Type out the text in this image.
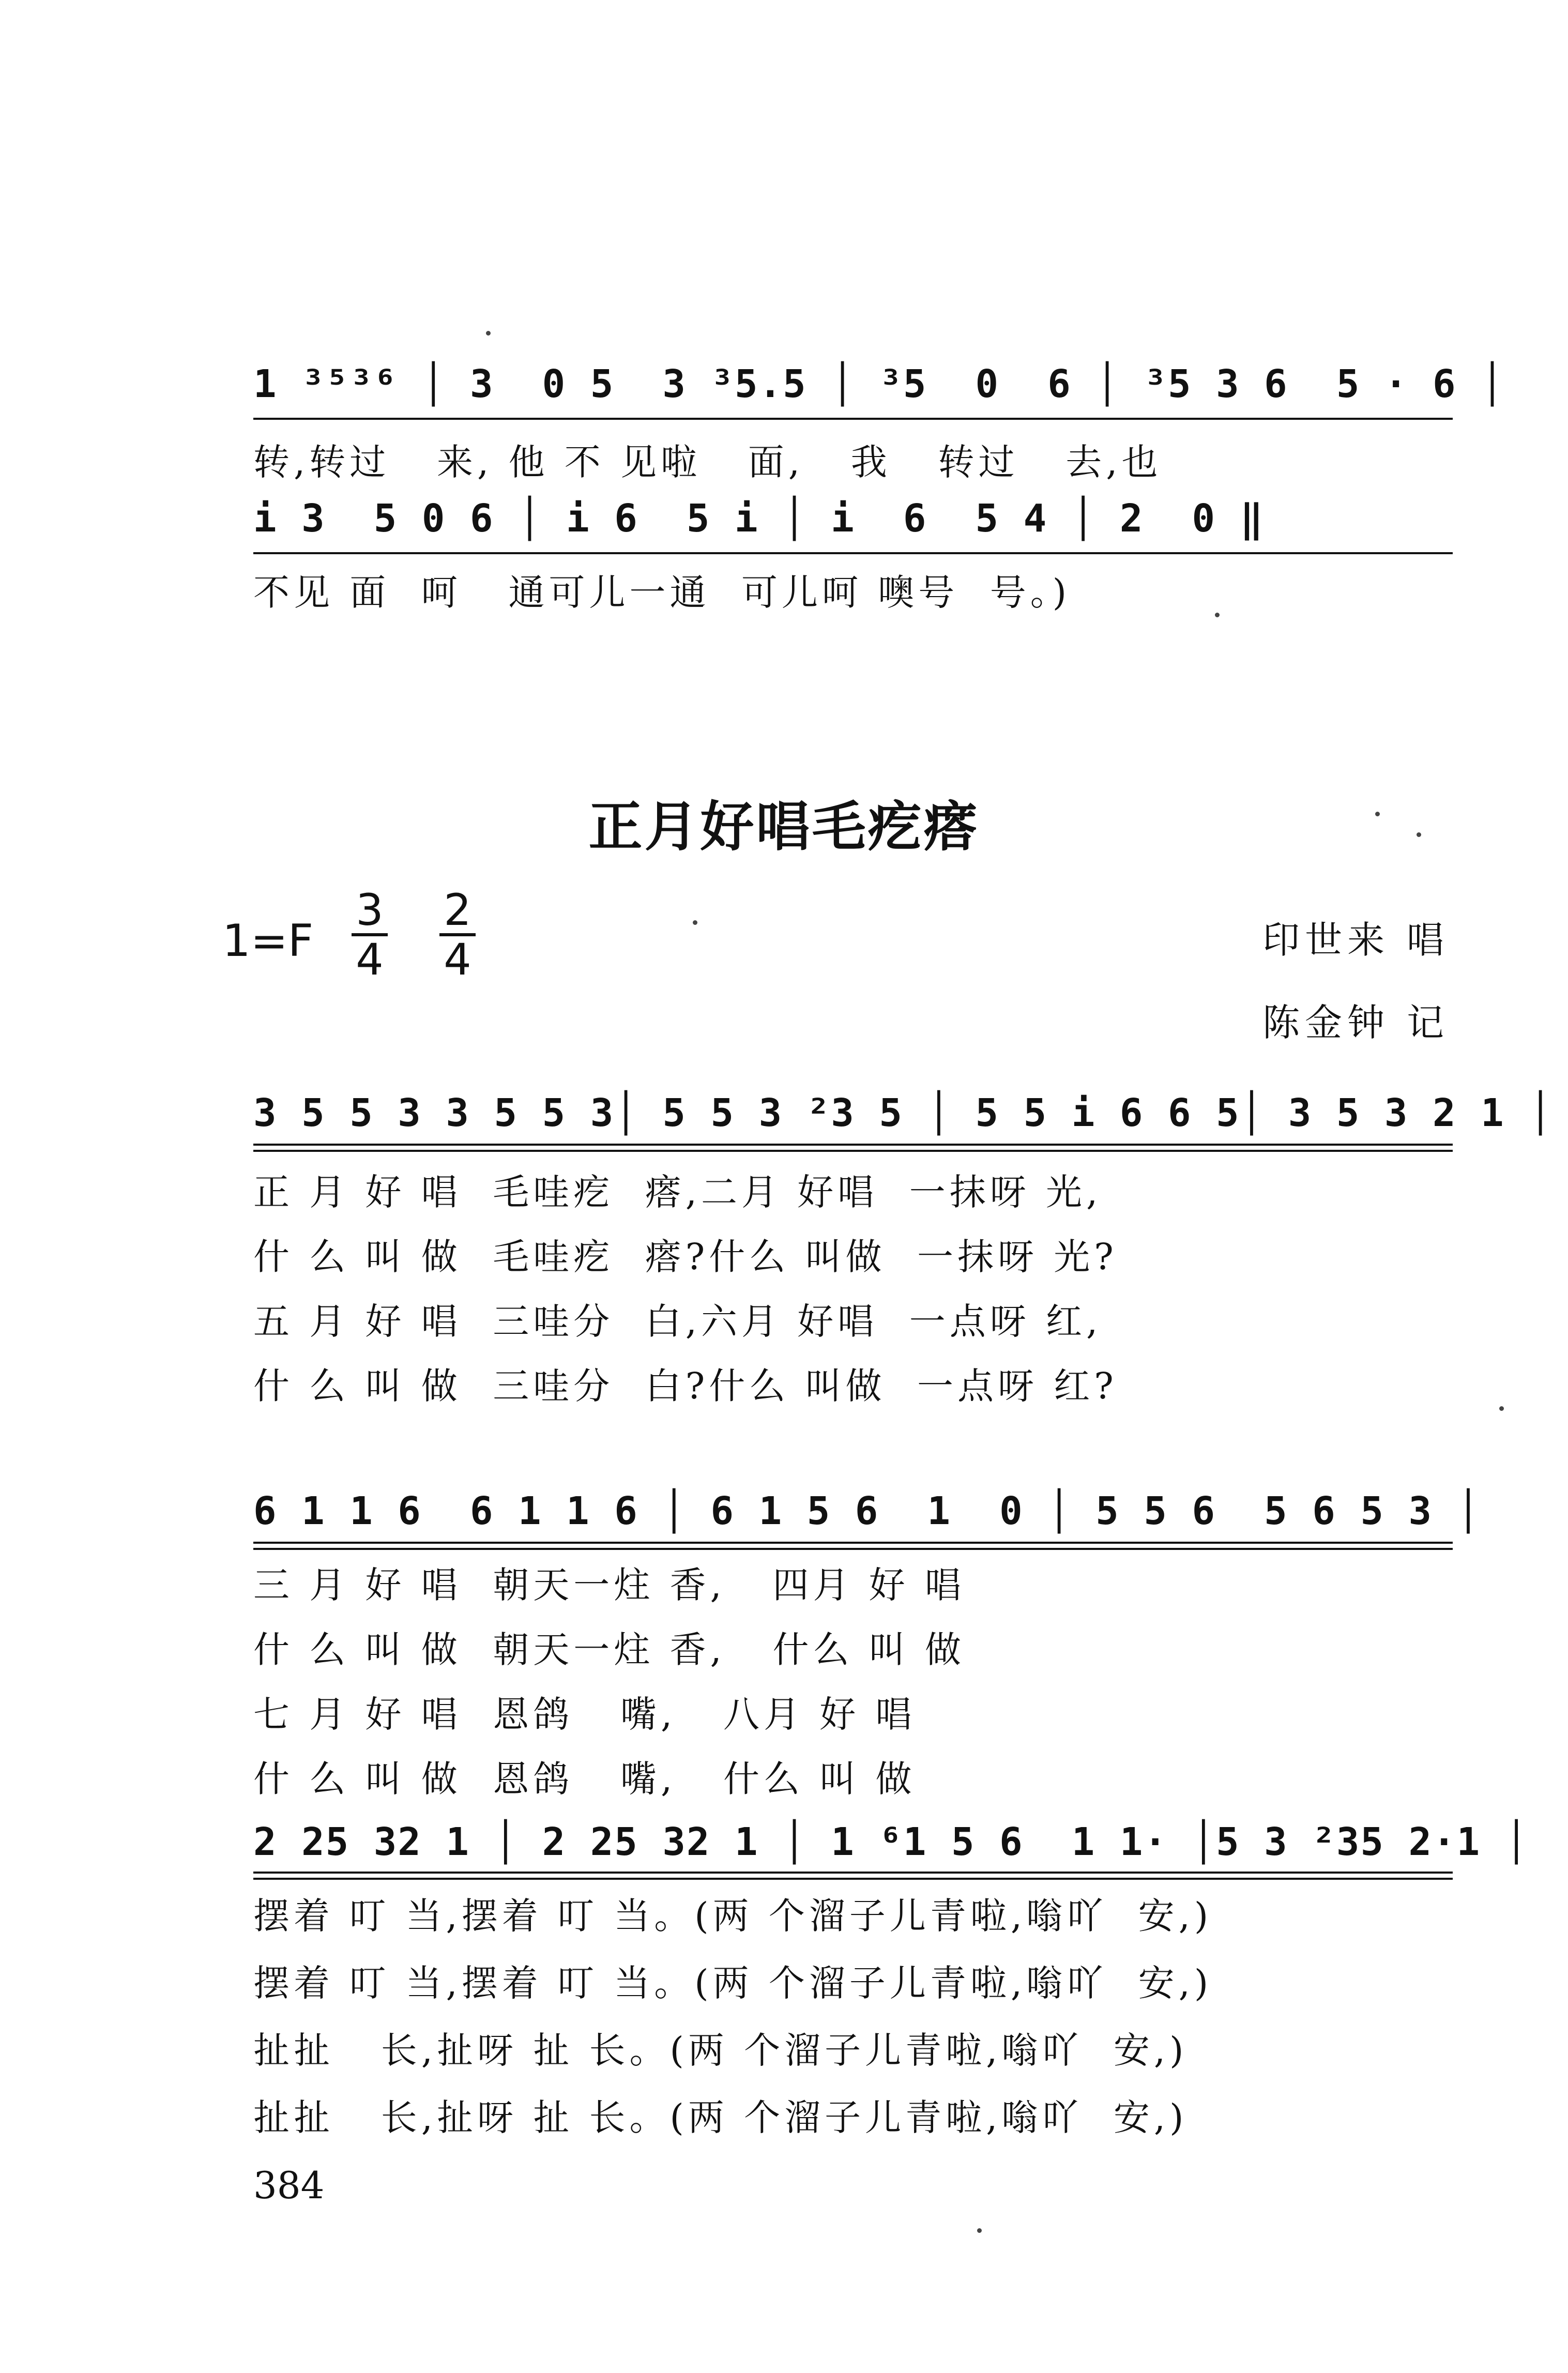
1 ³⁵³⁶ │ 3  0 5  3 ³5.5 │ ³5  0  6 │ ³5 3 6  5 · 6 │
转,转过   来, 他 不 见啦   面,   我   转过   去,也
i 3  5 0 6 │ i 6  5 i │ i  6  5 4 │ 2  0 ‖
不见 面  呵   通可儿一通  可儿呵 噢号  号。)
正月好唱毛疙瘩
1=F
3
4
2
4	印世来 唱
陈金钟 记
3 5 5 3 3 5 5 3│ 5 5 3 ²3 5 │ 5 5 i 6 6 5│ 3 5 3 2 1 │
正 月 好 唱  毛哇疙  瘩,二月 好唱  一抹呀 光,
什 么 叫 做  毛哇疙  瘩?什么 叫做  一抹呀 光?
五 月 好 唱  三哇分  白,六月 好唱  一点呀 红,
什 么 叫 做  三哇分  白?什么 叫做  一点呀 红?
6 1 1 6  6 1 1 6 │ 6 1 5 6  1  0 │ 5 5 6  5 6 5 3 │
三 月 好 唱  朝天一炷 香,   四月 好 唱
什 么 叫 做  朝天一炷 香,   什么 叫 做
七 月 好 唱  恩鸽   嘴,   八月 好 唱
什 么 叫 做  恩鸽   嘴,   什么 叫 做
2 25 32 1 │ 2 25 32 1 │ 1 ⁶1 5 6  1 1· │5 3 ²35 2·1 │
摆着 叮 当,摆着 叮 当。(两 个溜子儿青啦,嗡吖  安,)
摆着 叮 当,摆着 叮 当。(两 个溜子儿青啦,嗡吖  安,)
扯扯   长,扯呀 扯 长。(两 个溜子儿青啦,嗡吖  安,)
扯扯   长,扯呀 扯 长。(两 个溜子儿青啦,嗡吖  安,)
384
